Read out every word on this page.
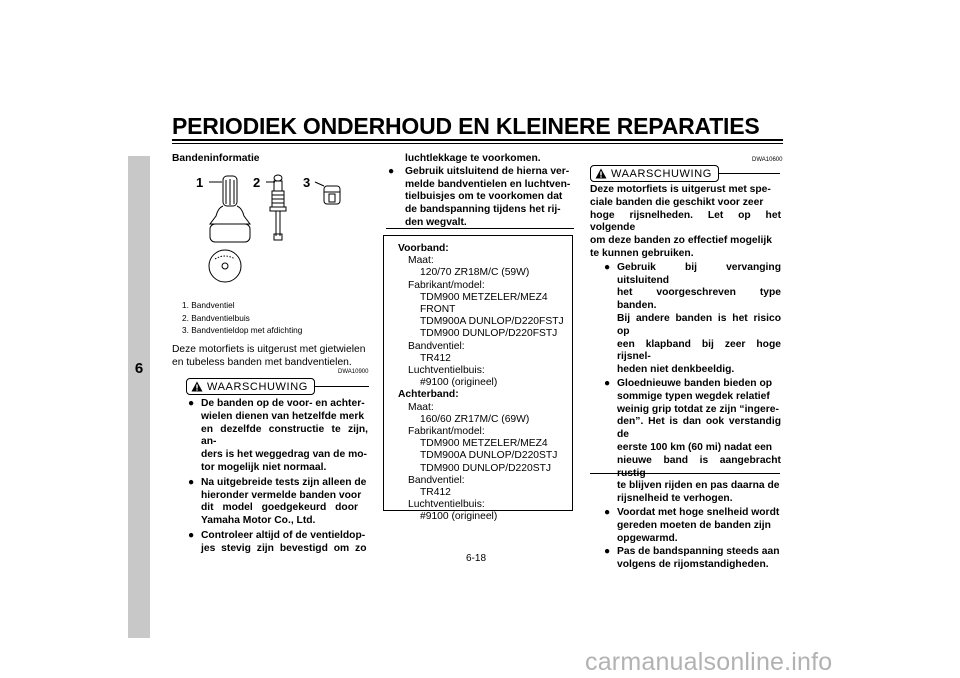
PERIODIEK ONDERHOUD EN KLEINERE REPARATIES
6
Bandeninformatie
1	2	3
1. Bandventiel
2. Bandventielbuis
3. Bandventieldop met afdichting
Deze motorfiets is uitgerust met gietwielen
en tubeless banden met bandventielen.
DWA10900
WAARSCHUWING
● De banden op de voor- en achter-
wielen dienen van hetzelfde merk
en dezelfde constructie te zijn, an-
ders is het weggedrag van de mo-
tor mogelijk niet normaal.
● Na uitgebreide tests zijn alleen de
hieronder vermelde banden voor
dit model goedgekeurd door
Yamaha Motor Co., Ltd.
● Controleer altijd of de ventieldop-
jes stevig zijn bevestigd om zo
luchtlekkage te voorkomen.
● Gebruik uitsluitend de hierna ver-
melde bandventielen en luchtven-
tielbuisjes om te voorkomen dat
de bandspanning tijdens het rij-
den wegvalt.
Voorband:
Maat:
120/70 ZR18M/C (59W)
Fabrikant/model:
TDM900 METZELER/MEZ4
FRONT
TDM900A DUNLOP/D220FSTJ
TDM900 DUNLOP/D220FSTJ
Bandventiel:
TR412
Luchtventielbuis:
#9100 (origineel)
Achterband:
Maat:
160/60 ZR17M/C (69W)
Fabrikant/model:
TDM900 METZELER/MEZ4
TDM900A DUNLOP/D220STJ
TDM900 DUNLOP/D220STJ
Bandventiel:
TR412
Luchtventielbuis:
#9100 (origineel)
DWA10600
WAARSCHUWING
Deze motorfiets is uitgerust met spe-
ciale banden die geschikt voor zeer
hoge rijsnelheden. Let op het volgende
om deze banden zo effectief mogelijk
te kunnen gebruiken.
● Gebruik bij vervanging uitsluitend
het voorgeschreven type banden.
Bij andere banden is het risico op
een klapband bij zeer hoge rijsnel-
heden niet denkbeeldig.
● Gloednieuwe banden bieden op
sommige typen wegdek relatief
weinig grip totdat ze zijn “ingere-
den”. Het is dan ook verstandig de
eerste 100 km (60 mi) nadat een
nieuwe band is aangebracht rustig
te blijven rijden en pas daarna de
rijsnelheid te verhogen.
● Voordat met hoge snelheid wordt
gereden moeten de banden zijn
opgewarmd.
● Pas de bandspanning steeds aan
volgens de rijomstandigheden.
6-18
carmanualsonline.info
